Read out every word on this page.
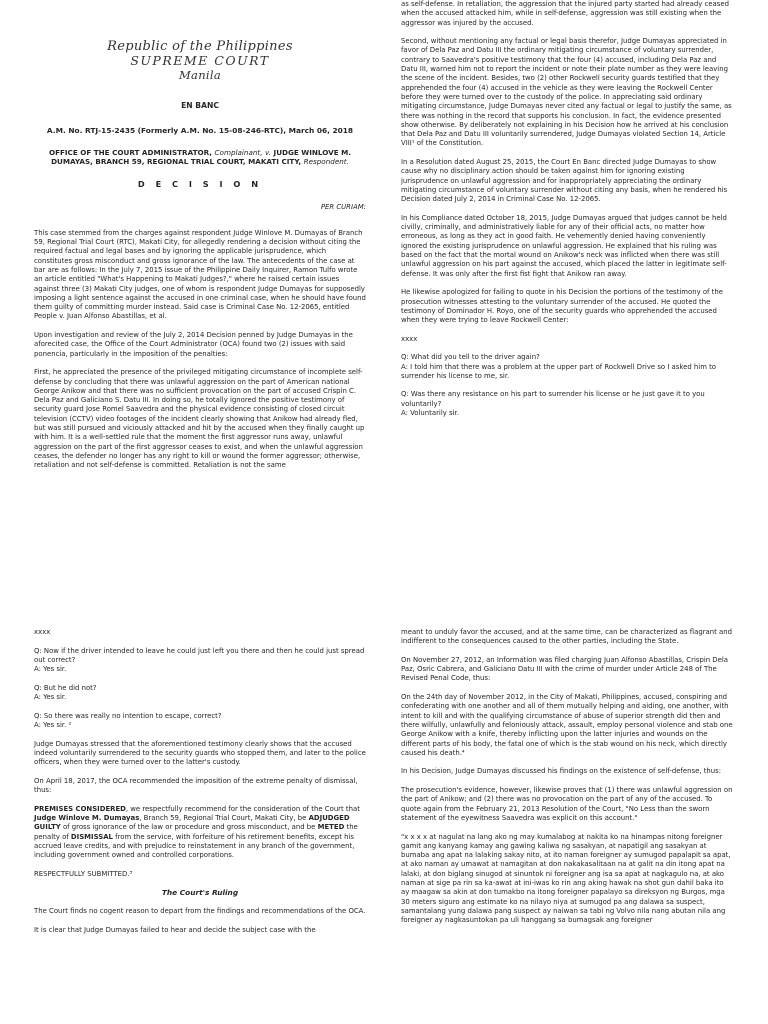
Republic of the Philippines
SUPREME COURT
Manila
EN BANC
A.M. No. RTJ-15-2435 (Formerly A.M. No. 15-08-246-RTC), March 06, 2018
OFFICE OF THE COURT ADMINISTRATOR, Complainant, v. JUDGE WINLOVE M. DUMAYAS, BRANCH 59, REGIONAL TRIAL COURT, MAKATI CITY, Respondent.
D E C I S I O N
PER CURIAM:

This case stemmed from the charges against respondent Judge Winlove M. Dumayas of Branch 59, Regional Trial Court (RTC), Makati City, for allegedly rendering a decision without citing the required factual and legal bases and by ignoring the applicable jurisprudence, which constitutes gross misconduct and gross ignorance of the law. The antecedents of the case at bar are as follows: In the July 7, 2015 issue of the Philippine Daily Inquirer, Ramon Tulfo wrote an article entitled "What's Happening to Makati Judges?," where he raised certain issues against three (3) Makati City judges, one of whom is respondent Judge Dumayas for supposedly imposing a light sentence against the accused in one criminal case, when he should have found them guilty of committing murder instead. Said case is Criminal Case No. 12-2065, entitled People v. Juan Alfonso Abastillas, et al.

Upon investigation and review of the July 2, 2014 Decision penned by Judge Dumayas in the aforecited case, the Office of the Court Administrator (OCA) found two (2) issues with said ponencia, particularly in the imposition of the penalties:

First, he appreciated the presence of the privileged mitigating circumstance of incomplete self-defense by concluding that there was unlawful aggression on the part of American national George Anikow and that there was no sufficient provocation on the part of accused Crispin C. Dela Paz and Galiciano S. Datu III. In doing so, he totally ignored the positive testimony of security guard Jose Romel Saavedra and the physical evidence consisting of closed circuit television (CCTV) video footages of the incident clearly showing that Anikow had already fled, but was still pursued and viciously attacked and hit by the accused when they finally caught up with him. It is a well-settled rule that the moment the first aggressor runs away, unlawful aggression on the part of the first aggressor ceases to exist, and when the unlawful aggression ceases, the defender no longer has any right to kill or wound the former aggressor; otherwise, retaliation and not self-defense is committed. Retaliation is not the same

as self-defense. In retaliation, the aggression that the injured party started had already ceased when the accused attacked him, while in self-defense, aggression was still existing when the aggressor was injured by the accused.

Second, without mentioning any factual or legal basis therefor, Judge Dumayas appreciated in favor of Dela Paz and Datu III the ordinary mitigating circumstance of voluntary surrender, contrary to Saavedra's positive testimony that the four (4) accused, including Dela Paz and Datu III, warned him not to report the incident or note their plate number as they were leaving the scene of the incident. Besides, two (2) other Rockwell security guards testified that they apprehended the four (4) accused in the vehicle as they were leaving the Rockwell Center before they were turned over to the custody of the police. In appreciating said ordinary mitigating circumstance, Judge Dumayas never cited any factual or legal to justify the same, as there was nothing in the record that supports his conclusion. In fact, the evidence presented show otherwise. By deliberately not explaining in his Decision how he arrived at his conclusion that Dela Paz and Datu III voluntarily surrendered, Judge Dumayas violated Section 14, Article VIII¹ of the Constitution.

In a Resolution dated August 25, 2015, the Court En Banc directed Judge Dumayas to show cause why no disciplinary action should be taken against him for ignoring existing jurisprudence on unlawful aggression and for inappropriately appreciating the ordinary mitigating circumstance of voluntary surrender without citing any basis, when he rendered his Decision dated July 2, 2014 in Criminal Case No. 12-2065.

In his Compliance dated October 18, 2015, Judge Dumayas argued that judges cannot be held civilly, criminally, and administratively liable for any of their official acts, no matter how erroneous, as long as they act in good faith. He vehemently denied having conveniently ignored the existing jurisprudence on unlawful aggression. He explained that his ruling was based on the fact that the mortal wound on Anikow's neck was inflicted when there was still unlawful aggression on his part against the accused, which placed the latter in legitimate self-defense. It was only after the first fist fight that Anikow ran away.

He likewise apologized for failing to quote in his Decision the portions of the testimony of the prosecution witnesses attesting to the voluntary surrender of the accused. He quoted the testimony of Dominador H. Royo, one of the security guards who apprehended the accused when they were trying to leave Rockwell Center:

xxxx

Q: What did you tell to the driver again?

A: I told him that there was a problem at the upper part of Rockwell Drive so I asked him to surrender his license to me, sir.

Q: Was there any resistance on his part to surrender his license or he just gave it to you voluntarily?

A: Voluntarily sir.

xxxx

Q: Now if the driver intended to leave he could just left you there and then he could just spread out correct?

A: Yes sir.

Q: But he did not?

A: Yes sir.

Q: So there was really no intention to escape, correct?

A: Yes sir. ²

Judge Dumayas stressed that the aforementioned testimony clearly shows that the accused indeed voluntarily surrendered to the security guards who stopped them, and later to the police officers, when they were turned over to the latter's custody.

On April 18, 2017, the OCA recommended the imposition of the extreme penalty of dismissal, thus:

PREMISES CONSIDERED, we respectfully recommend for the consideration of the Court that Judge Winlove M. Dumayas, Branch 59, Regional Trial Court, Makati City, be ADJUDGED GUILTY of gross ignorance of the law or procedure and gross misconduct, and be METED the penalty of DISMISSAL from the service, with forfeiture of his retirement benefits, except his accrued leave credits, and with prejudice to reinstatement in any branch of the government, including government owned and controlled corporations.

RESPECTFULLY SUBMITTED.³

The Court's Ruling

The Court finds no cogent reason to depart from the findings and recommendations of the OCA.

It is clear that Judge Dumayas failed to hear and decide the subject case with the

meant to unduly favor the accused, and at the same time, can be characterized as flagrant and indifferent to the consequences caused to the other parties, including the State.

On November 27, 2012, an Information was filed charging Juan Alfonso Abastillas, Crispin Dela Paz, Osric Cabrera, and Galiciano Datu III with the crime of murder under Article 248 of The Revised Penal Code, thus:

On the 24th day of November 2012, in the City of Makati, Philippines, accused, conspiring and confederating with one another and all of them mutually helping and aiding, one another, with intent to kill and with the qualifying circumstance of abuse of superior strength did then and there wilfully, unlawfully and feloniously attack, assault, employ personal violence and stab one George Anikow with a knife, thereby inflicting upon the latter injuries and wounds on the different parts of his body, the fatal one of which is the stab wound on his neck, which directly caused his death.⁴

In his Decision, Judge Dumayas discussed his findings on the existence of self-defense, thus:

The prosecution's evidence, however, likewise proves that (1) there was unlawful aggression on the part of Anikow; and (2) there was no provocation on the part of any of the accused. To quote again from the February 21, 2013 Resolution of the Court, "No Less than the sworn statement of the eyewitness Saavedra was explicit on this account."

"x x x x at nagulat na lang ako ng may kumalabog at nakita ko na hinampas nitong foreigner gamit ang kanyang kamay ang gawing kaliwa ng sasakyan, at napatigil ang sasakyan at bumaba ang apat na lalaking sakay nito, at ito naman foreigner ay sumugod papalapit sa apat, at ako naman ay umawat at namagitan at don nakakasalitaan na at galit na din itong apat na lalaki, at don biglang sinugod at sinuntok ni foreigner ang isa sa apat at nagkagulo na, at ako naman at sige pa rin sa ka-awat at ini-iwas ko rin ang aking hawak na shot gun dahil baka ito ay maagaw sa akin at don tumakbo na itong foreigner papalayo sa direksyon ng Burgos, mga 30 meters siguro ang estimate ko na nilayo niya at sumugod pa ang dalawa sa suspect, samantalang yung dalawa pang suspect ay naiwan sa tabi ng Volvo nila nang abutan nila ang foreigner ay nagkasuntokan pa uli hanggang sa bumagsak ang foreigner
